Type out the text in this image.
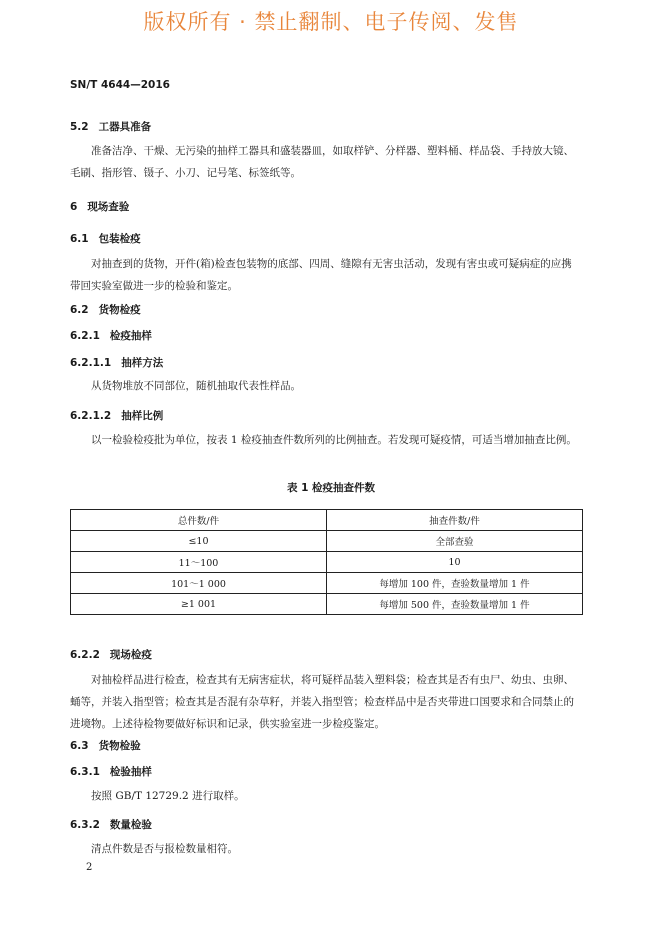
版权所有 · 禁止翻制、电子传阅、发售
SN/T 4644—2016
5.2 工器具准备
准备洁净、干燥、无污染的抽样工器具和盛装器皿，如取样铲、分样器、塑料桶、样品袋、手持放大镜、毛刷、指形管、镊子、小刀、记号笔、标签纸等。
6 现场查验
6.1 包装检疫
对抽查到的货物，开件(箱)检查包装物的底部、四周、缝隙有无害虫活动，发现有害虫或可疑病症的应携带回实验室做进一步的检验和鉴定。
6.2 货物检疫
6.2.1 检疫抽样
6.2.1.1 抽样方法
从货物堆放不同部位，随机抽取代表性样品。
6.2.1.2 抽样比例
以一检验检疫批为单位，按表 1 检疫抽查件数所列的比例抽查。若发现可疑疫情，可适当增加抽查比例。
表 1 检疫抽查件数
总件数/件	抽查件数/件
≤10	全部查验
11～100	10
101～1 000	每增加 100 件，查验数量增加 1 件
≥1 001	每增加 500 件，查验数量增加 1 件
6.2.2 现场检疫
对抽检样品进行检查，检查其有无病害症状，将可疑样品装入塑料袋；检查其是否有虫尸、幼虫、虫卵、蛹等，并装入指型管；检查其是否混有杂草籽，并装入指型管；检查样品中是否夹带进口国要求和合同禁止的进境物。上述待检物要做好标识和记录，供实验室进一步检疫鉴定。
6.3 货物检验
6.3.1 检验抽样
按照 GB/T 12729.2 进行取样。
6.3.2 数量检验
清点件数是否与报检数量相符。
2
